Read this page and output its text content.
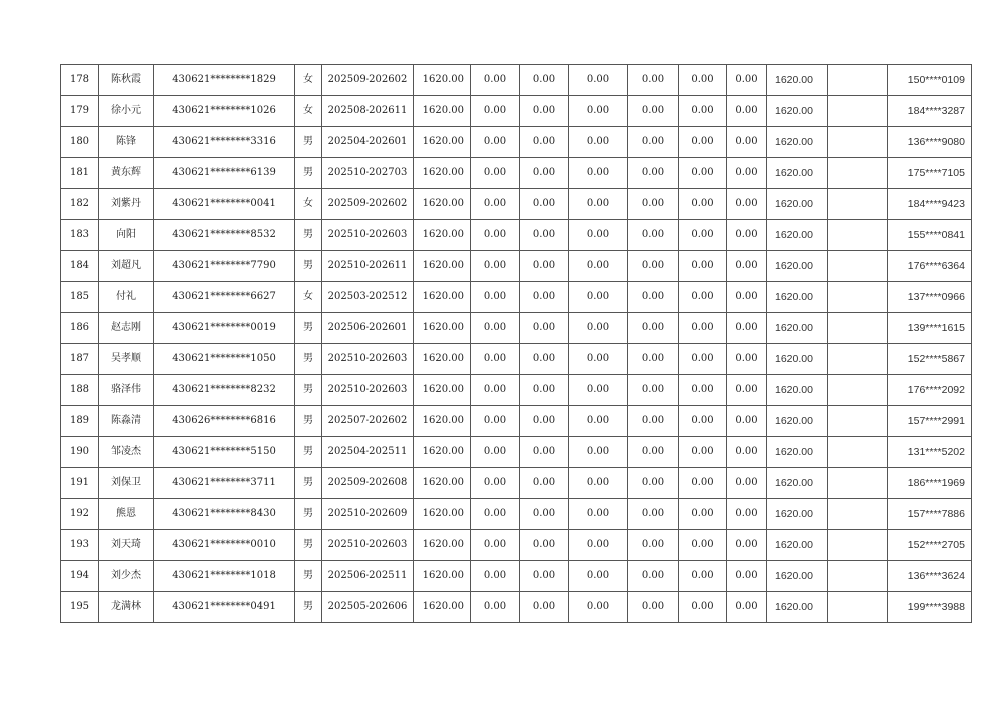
178	陈秋霞	430621********1829	女	202509-202602	1620.00	0.00	0.00	0.00	0.00	0.00	0.00	1620.00		150****0109
179	徐小元	430621********1026	女	202508-202611	1620.00	0.00	0.00	0.00	0.00	0.00	0.00	1620.00		184****3287
180	陈锋	430621********3316	男	202504-202601	1620.00	0.00	0.00	0.00	0.00	0.00	0.00	1620.00		136****9080
181	黄东辉	430621********6139	男	202510-202703	1620.00	0.00	0.00	0.00	0.00	0.00	0.00	1620.00		175****7105
182	刘紫丹	430621********0041	女	202509-202602	1620.00	0.00	0.00	0.00	0.00	0.00	0.00	1620.00		184****9423
183	向阳	430621********8532	男	202510-202603	1620.00	0.00	0.00	0.00	0.00	0.00	0.00	1620.00		155****0841
184	刘超凡	430621********7790	男	202510-202611	1620.00	0.00	0.00	0.00	0.00	0.00	0.00	1620.00		176****6364
185	付礼	430621********6627	女	202503-202512	1620.00	0.00	0.00	0.00	0.00	0.00	0.00	1620.00		137****0966
186	赵志刚	430621********0019	男	202506-202601	1620.00	0.00	0.00	0.00	0.00	0.00	0.00	1620.00		139****1615
187	吴孝顺	430621********1050	男	202510-202603	1620.00	0.00	0.00	0.00	0.00	0.00	0.00	1620.00		152****5867
188	骆泽伟	430621********8232	男	202510-202603	1620.00	0.00	0.00	0.00	0.00	0.00	0.00	1620.00		176****2092
189	陈淼清	430626********6816	男	202507-202602	1620.00	0.00	0.00	0.00	0.00	0.00	0.00	1620.00		157****2991
190	邹凌杰	430621********5150	男	202504-202511	1620.00	0.00	0.00	0.00	0.00	0.00	0.00	1620.00		131****5202
191	刘保卫	430621********3711	男	202509-202608	1620.00	0.00	0.00	0.00	0.00	0.00	0.00	1620.00		186****1969
192	熊恩	430621********8430	男	202510-202609	1620.00	0.00	0.00	0.00	0.00	0.00	0.00	1620.00		157****7886
193	刘天琦	430621********0010	男	202510-202603	1620.00	0.00	0.00	0.00	0.00	0.00	0.00	1620.00		152****2705
194	刘少杰	430621********1018	男	202506-202511	1620.00	0.00	0.00	0.00	0.00	0.00	0.00	1620.00		136****3624
195	龙满林	430621********0491	男	202505-202606	1620.00	0.00	0.00	0.00	0.00	0.00	0.00	1620.00		199****3988
